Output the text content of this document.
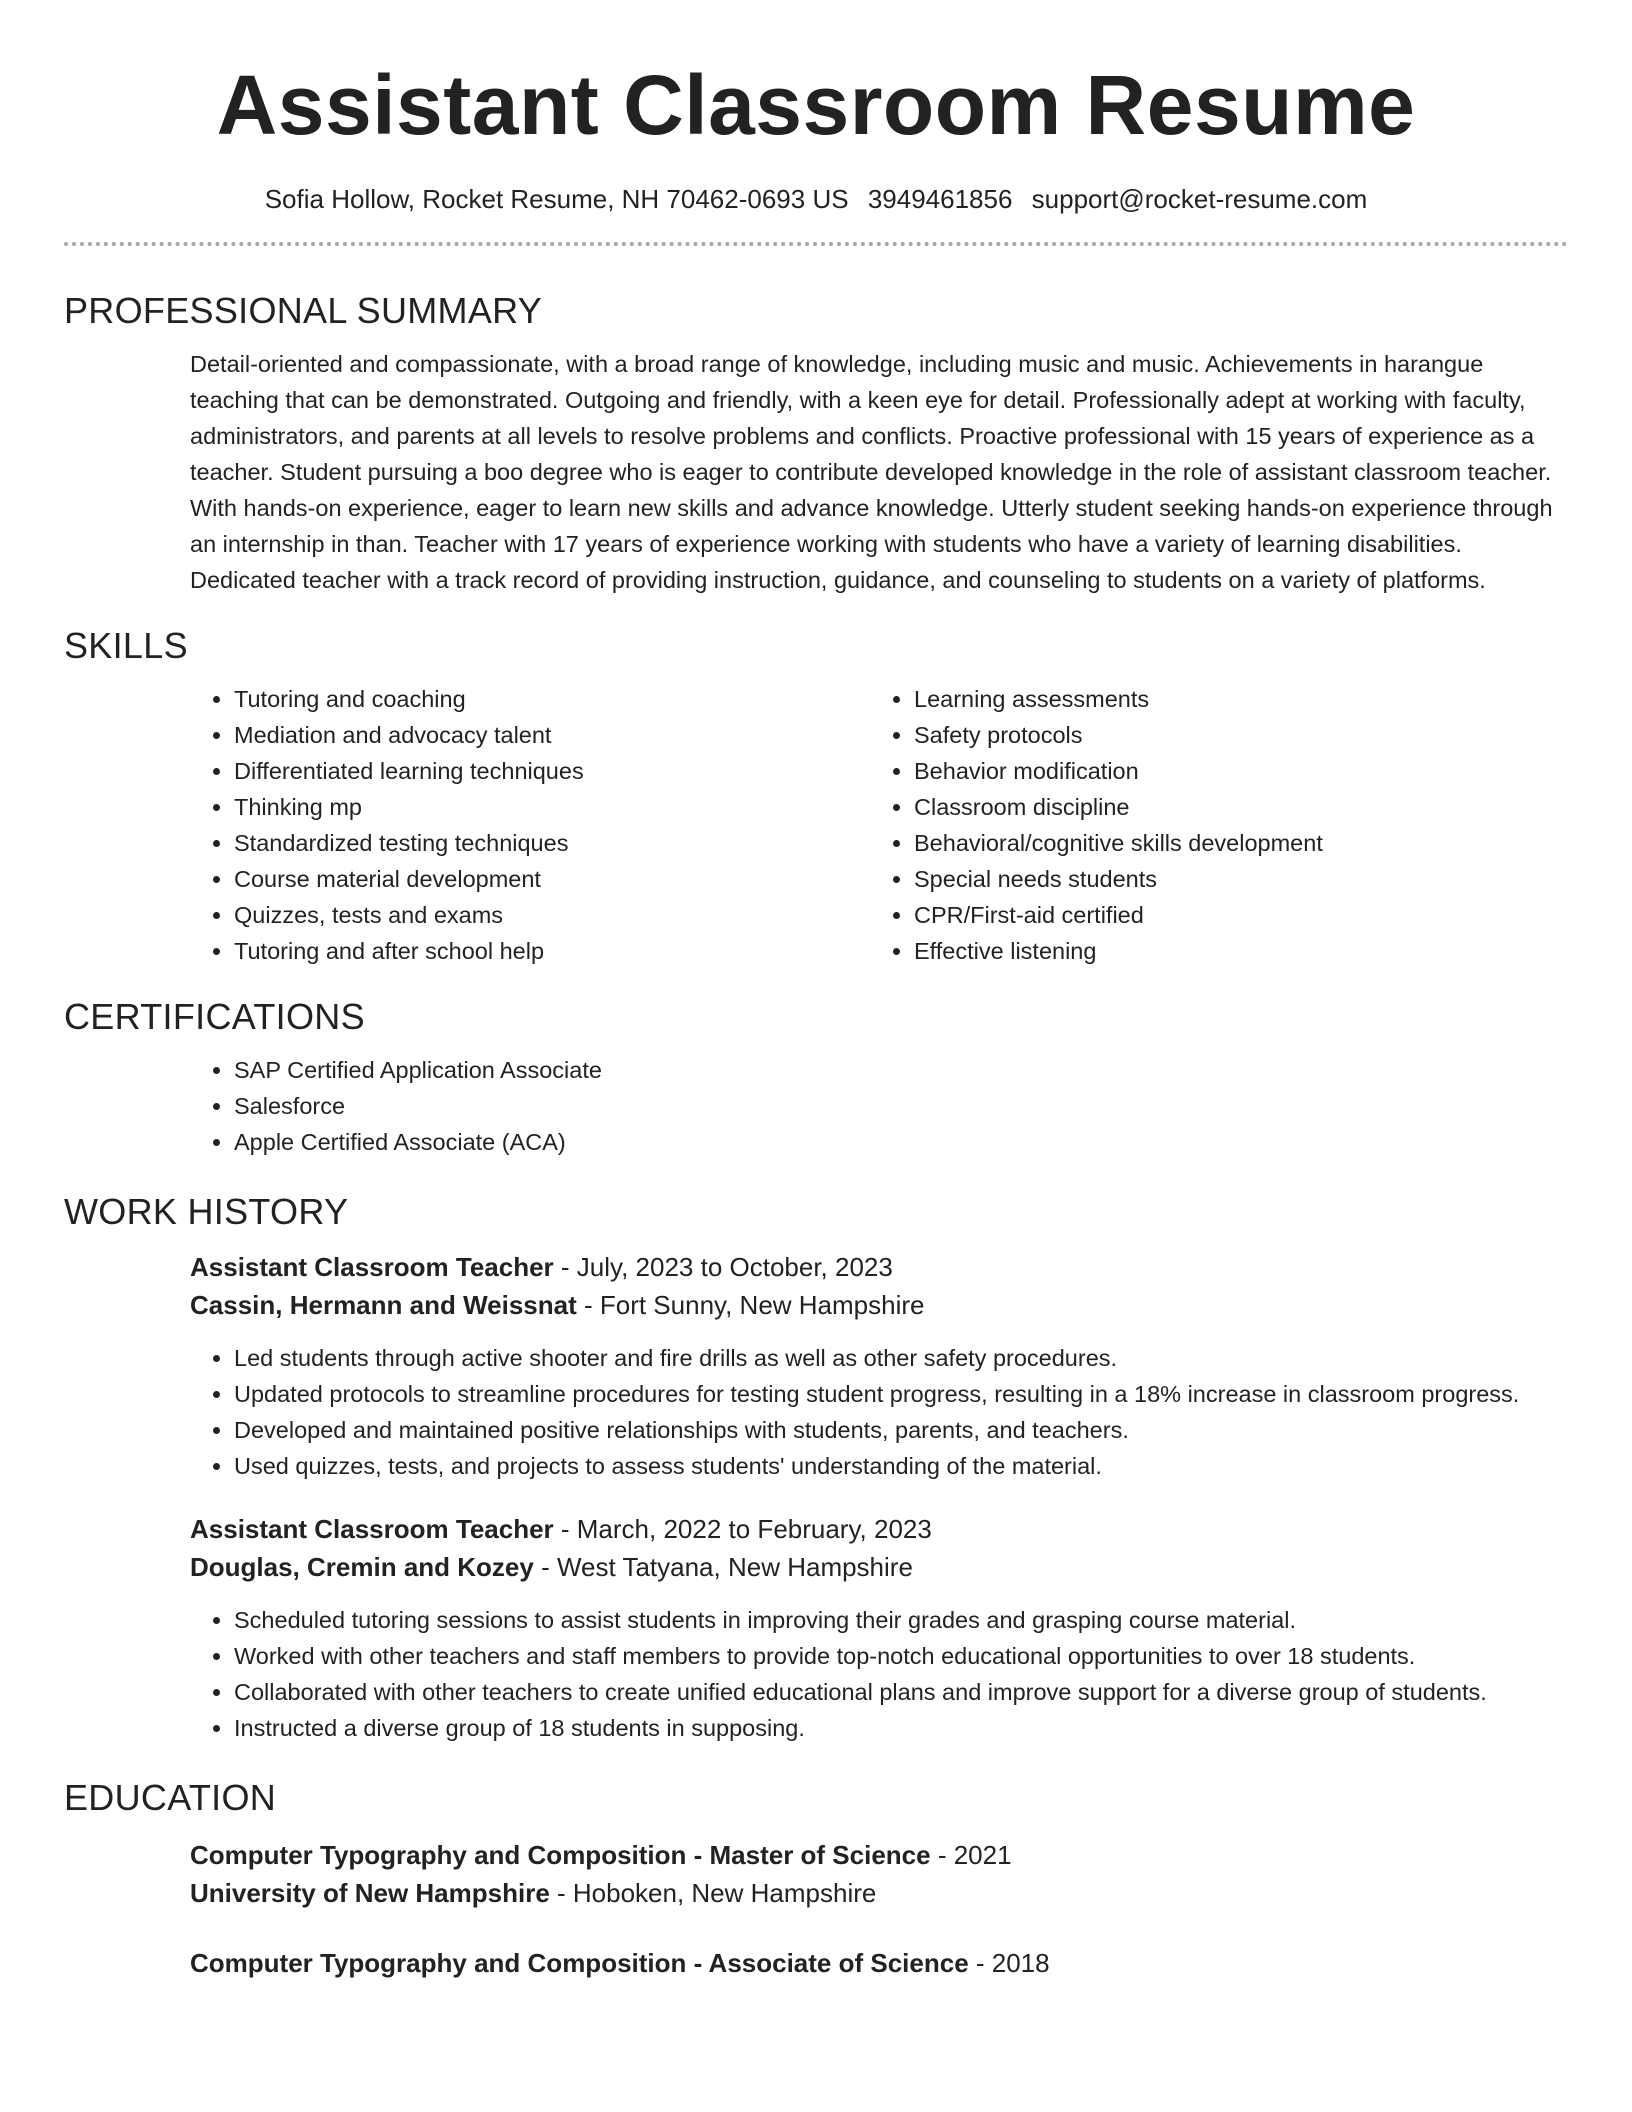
Assistant Classroom Resume
Sofia Hollow, Rocket Resume, NH 70462-0693 US 3949461856 support@rocket-resume.com
PROFESSIONAL SUMMARY

Detail-oriented and compassionate, with a broad range of knowledge, including music and music. Achievements in harangue teaching that can be demonstrated. Outgoing and friendly, with a keen eye for detail. Professionally adept at working with faculty, administrators, and parents at all levels to resolve problems and conflicts. Proactive professional with 15 years of experience as a teacher. Student pursuing a boo degree who is eager to contribute developed knowledge in the role of assistant classroom teacher. With hands-on experience, eager to learn new skills and advance knowledge. Utterly student seeking hands-on experience through an internship in than. Teacher with 17 years of experience working with students who have a variety of learning disabilities. Dedicated teacher with a track record of providing instruction, guidance, and counseling to students on a variety of platforms.

SKILLS
• Tutoring and coaching
• Mediation and advocacy talent
• Differentiated learning techniques
• Thinking mp
• Standardized testing techniques
• Course material development
• Quizzes, tests and exams
• Tutoring and after school help
• Learning assessments
• Safety protocols
• Behavior modification
• Classroom discipline
• Behavioral/cognitive skills development
• Special needs students
• CPR/First-aid certified
• Effective listening
CERTIFICATIONS
• SAP Certified Application Associate
• Salesforce
• Apple Certified Associate (ACA)
WORK HISTORY
Assistant Classroom Teacher - July, 2023 to October, 2023
Cassin, Hermann and Weissnat - Fort Sunny, New Hampshire
• Led students through active shooter and fire drills as well as other safety procedures.
• Updated protocols to streamline procedures for testing student progress, resulting in a 18% increase in classroom progress.
• Developed and maintained positive relationships with students, parents, and teachers.
• Used quizzes, tests, and projects to assess students' understanding of the material.
Assistant Classroom Teacher - March, 2022 to February, 2023
Douglas, Cremin and Kozey - West Tatyana, New Hampshire
• Scheduled tutoring sessions to assist students in improving their grades and grasping course material.
• Worked with other teachers and staff members to provide top-notch educational opportunities to over 18 students.
• Collaborated with other teachers to create unified educational plans and improve support for a diverse group of students.
• Instructed a diverse group of 18 students in supposing.
EDUCATION
Computer Typography and Composition - Master of Science - 2021
University of New Hampshire - Hoboken, New Hampshire
Computer Typography and Composition - Associate of Science - 2018
